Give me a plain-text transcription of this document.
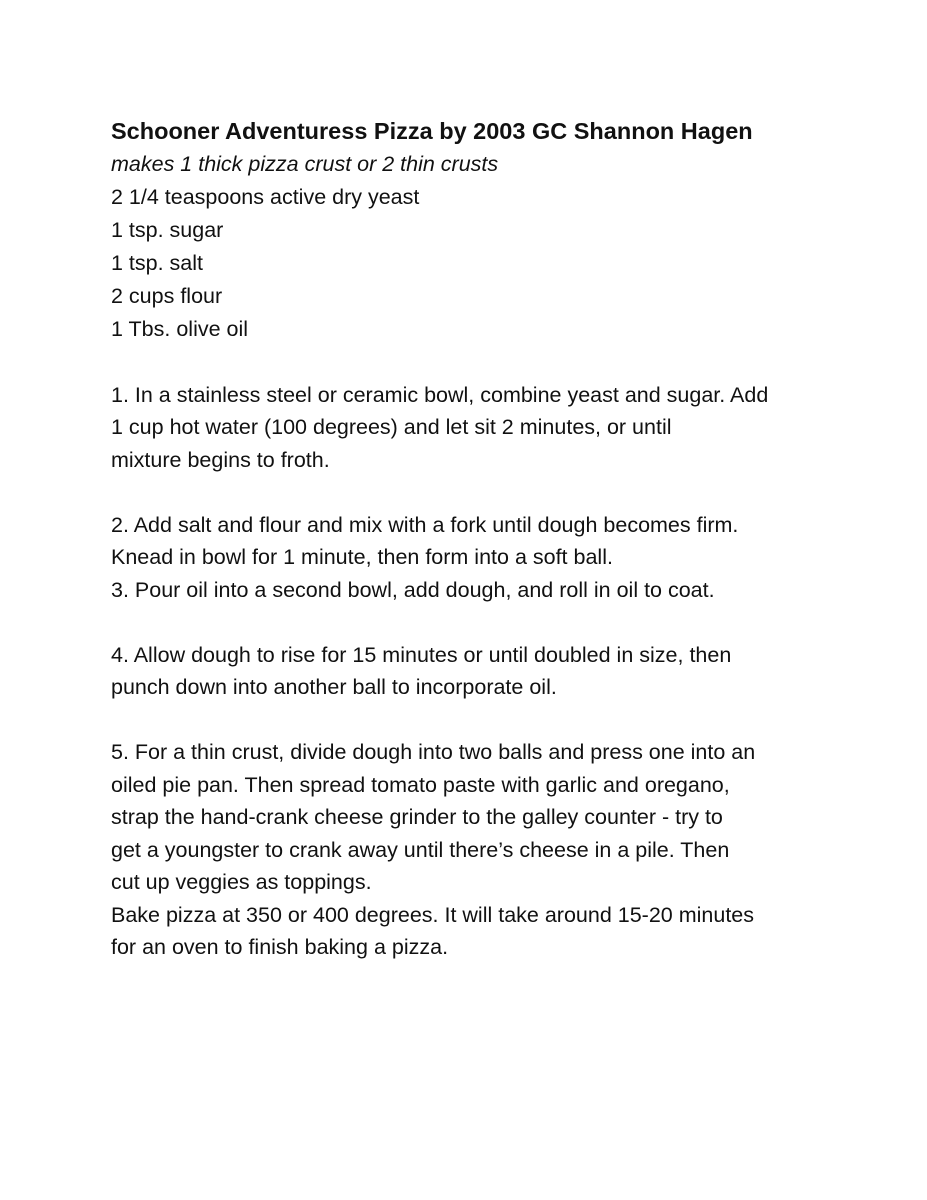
Schooner Adventuress Pizza by 2003 GC Shannon Hagen

makes 1 thick pizza crust or 2 thin crusts

2 1/4 teaspoons active dry yeast
1 tsp. sugar
1 tsp. salt
2 cups flour
1 Tbs. olive oil

1. In a stainless steel or ceramic bowl, combine yeast and sugar. Add

1 cup hot water (100 degrees) and let sit 2 minutes, or until

mixture begins to froth.

2. Add salt and flour and mix with a fork until dough becomes firm.

Knead in bowl for 1 minute, then form into a soft ball.

3. Pour oil into a second bowl, add dough, and roll in oil to coat.

4. Allow dough to rise for 15 minutes or until doubled in size, then

punch down into another ball to incorporate oil.

5. For a thin crust, divide dough into two balls and press one into an

oiled pie pan. Then spread tomato paste with garlic and oregano,

strap the hand-crank cheese grinder to the galley counter - try to

get a youngster to crank away until there’s cheese in a pile. Then

cut up veggies as toppings.

Bake pizza at 350 or 400 degrees. It will take around 15-20 minutes

for an oven to finish baking a pizza.
